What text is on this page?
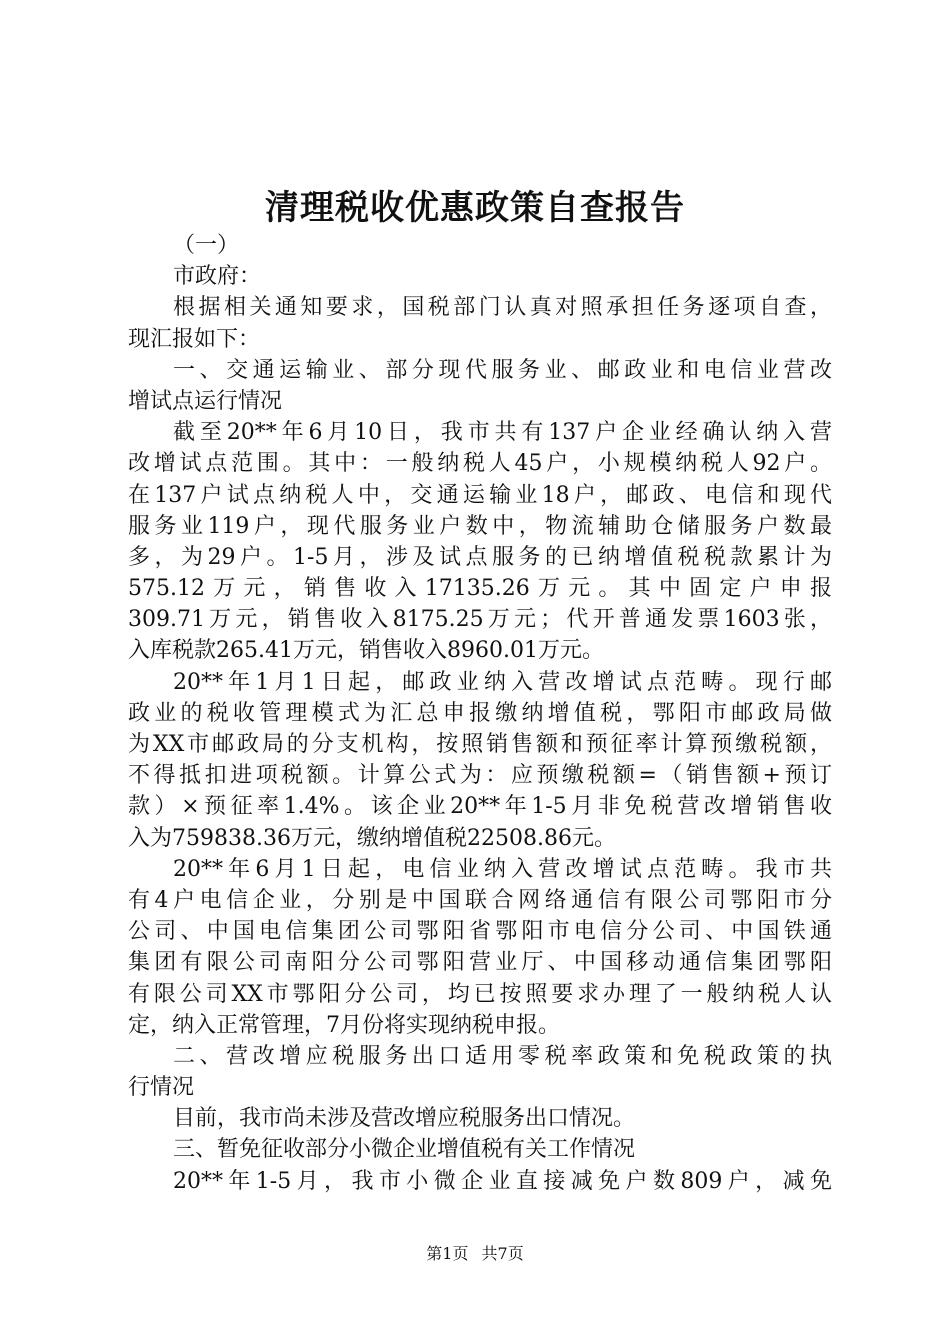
清理税收优惠政策自查报告
（一）
市政府：
根据相关通知要求，国税部门认真对照承担任务逐项自查，
现汇报如下：
一、交通运输业、部分现代服务业、邮政业和电信业营改
增试点运行情况
截至20**年6月10日，我市共有137户企业经确认纳入营
改增试点范围。其中：一般纳税人45户，小规模纳税人92户。
在137户试点纳税人中，交通运输业18户，邮政、电信和现代
服务业119户，现代服务业户数中，物流辅助仓储服务户数最
多，为29户。1-5月，涉及试点服务的已纳增值税税款累计为
575.12万元，销售收入17135.26万元。其中固定户申报
309.71万元，销售收入8175.25万元；代开普通发票1603张，
入库税款265.41万元，销售收入8960.01万元。
20**年1月1日起，邮政业纳入营改增试点范畴。现行邮
政业的税收管理模式为汇总申报缴纳增值税，鄂阳市邮政局做
为XX市邮政局的分支机构，按照销售额和预征率计算预缴税额，
不得抵扣进项税额。计算公式为：应预缴税额=（销售额+预订
款）×预征率1.4%。该企业20**年1-5月非免税营改增销售收
入为759838.36万元，缴纳增值税22508.86元。
20**年6月1日起，电信业纳入营改增试点范畴。我市共
有4户电信企业，分别是中国联合网络通信有限公司鄂阳市分
公司、中国电信集团公司鄂阳省鄂阳市电信分公司、中国铁通
集团有限公司南阳分公司鄂阳营业厅、中国移动通信集团鄂阳
有限公司XX市鄂阳分公司，均已按照要求办理了一般纳税人认
定，纳入正常管理，7月份将实现纳税申报。
二、营改增应税服务出口适用零税率政策和免税政策的执
行情况
目前，我市尚未涉及营改增应税服务出口情况。
三、暂免征收部分小微企业增值税有关工作情况
20**年1-5月，我市小微企业直接减免户数809户，减免
第1页 共7页
